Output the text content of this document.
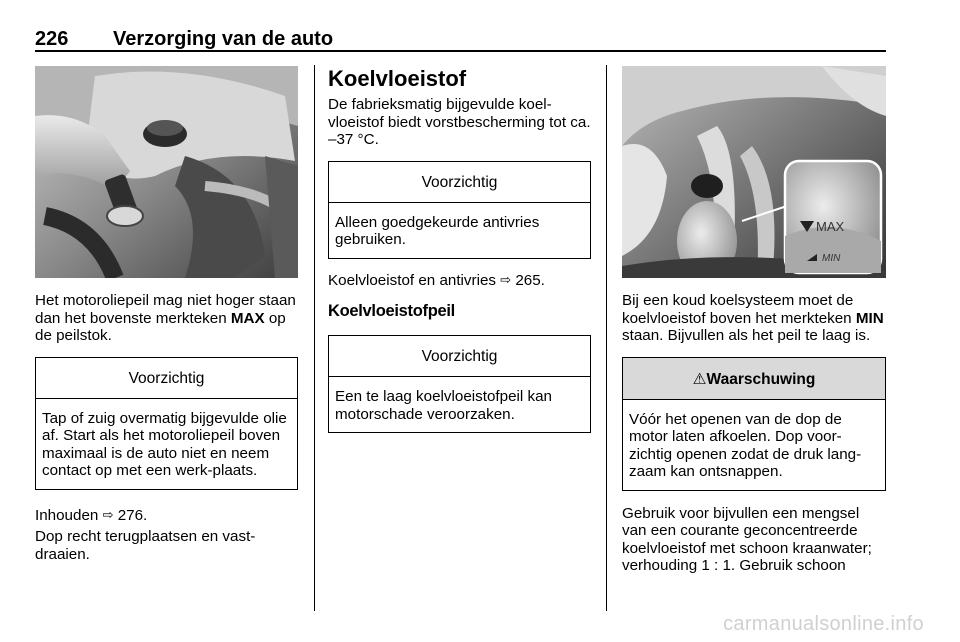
226 Verzorging van de auto

Het motoroliepeil mag niet hoger staan dan het bovenste merkteken MAX op de peilstok.

Voorzichtig
Tap of zuig overmatig bijgevulde olie af. Start als het motoroliepeil boven maximaal is de auto niet en neem contact op met een werk-plaats.

Inhouden ⇨ 276.

Dop recht terugplaatsen en vast-draaien.

Koelvloeistof

De fabrieksmatig bijgevulde koel-vloeistof biedt vorstbescherming tot ca. –37 °C.

Voorzichtig
Alleen goedgekeurde antivries gebruiken.

Koelvloeistof en antivries ⇨ 265.

Koelvloeistofpeil
Voorzichtig
Een te laag koelvloeistofpeil kan motorschade veroorzaken.
MAX
MIN

Bij een koud koelsysteem moet de koelvloeistof boven het merkteken MIN staan. Bijvullen als het peil te laag is.

⚠Waarschuwing
Vóór het openen van de dop de motor laten afkoelen. Dop voor-zichtig openen zodat de druk lang-zaam kan ontsnappen.

Gebruik voor bijvullen een mengsel van een courante geconcentreerde koelvloeistof met schoon kraanwater; verhouding 1 : 1. Gebruik schoon

carmanualsonline.info
